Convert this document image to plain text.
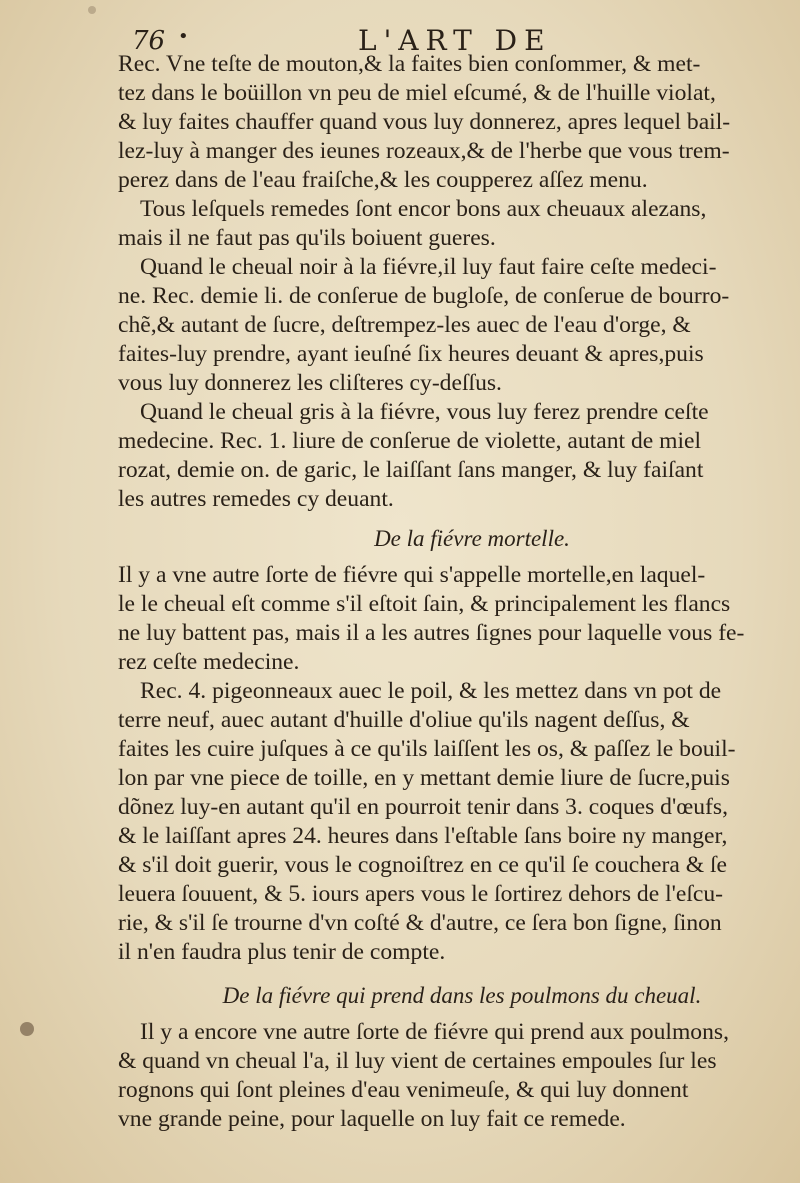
76 •	L'ART DE

Rec. Vne teſte de mouton,& la faites bien conſommer, & met-
tez dans le boüillon vn peu de miel eſcumé, & de l'huille violat,
& luy faites chauffer quand vous luy donnerez, apres lequel bail-
lez-luy à manger des ieunes rozeaux,& de l'herbe que vous trem-
perez dans de l'eau fraiſche,& les coupperez aſſez menu.

Tous leſquels remedes ſont encor bons aux cheuaux alezans,
mais il ne faut pas qu'ils boiuent gueres.

Quand le cheual noir à la fiévre,il luy faut faire ceſte medeci-
ne. Rec. demie li. de conſerue de bugloſe, de conſerue de bourro-
chẽ,& autant de ſucre, deſtrempez-les auec de l'eau d'orge, &
faites-luy prendre, ayant ieuſné ſix heures deuant & apres,puis
vous luy donnerez les cliſteres cy-deſſus.

Quand le cheual gris à la fiévre, vous luy ferez prendre ceſte
medecine. Rec. 1. liure de conſerue de violette, autant de miel
rozat, demie on. de garic, le laiſſant ſans manger, & luy faiſant
les autres remedes cy deuant.

De la fiévre mortelle.

Il y a vne autre ſorte de fiévre qui s'appelle mortelle,en laquel-
le le cheual eſt comme s'il eſtoit ſain, & principalement les flancs
ne luy battent pas, mais il a les autres ſignes pour laquelle vous fe-
rez ceſte medecine.

Rec. 4. pigeonneaux auec le poil, & les mettez dans vn pot de
terre neuf, auec autant d'huille d'oliue qu'ils nagent deſſus, &
faites les cuire juſques à ce qu'ils laiſſent les os, & paſſez le bouil-
lon par vne piece de toille, en y mettant demie liure de ſucre,puis
dõnez luy-en autant qu'il en pourroit tenir dans 3. coques d'œufs,
& le laiſſant apres 24. heures dans l'eſtable ſans boire ny manger,
& s'il doit guerir, vous le cognoiſtrez en ce qu'il ſe couchera & ſe
leuera ſouuent, & 5. iours apers vous le ſortirez dehors de l'eſcu-
rie, & s'il ſe trourne d'vn coſté & d'autre, ce ſera bon ſigne, ſinon
il n'en faudra plus tenir de compte.

De la fiévre qui prend dans les poulmons du cheual.

Il y a encore vne autre ſorte de fiévre qui prend aux poulmons,
& quand vn cheual l'a, il luy vient de certaines empoules ſur les
rognons qui ſont pleines d'eau venimeuſe, & qui luy donnent
vne grande peine, pour laquelle on luy fait ce remede.
